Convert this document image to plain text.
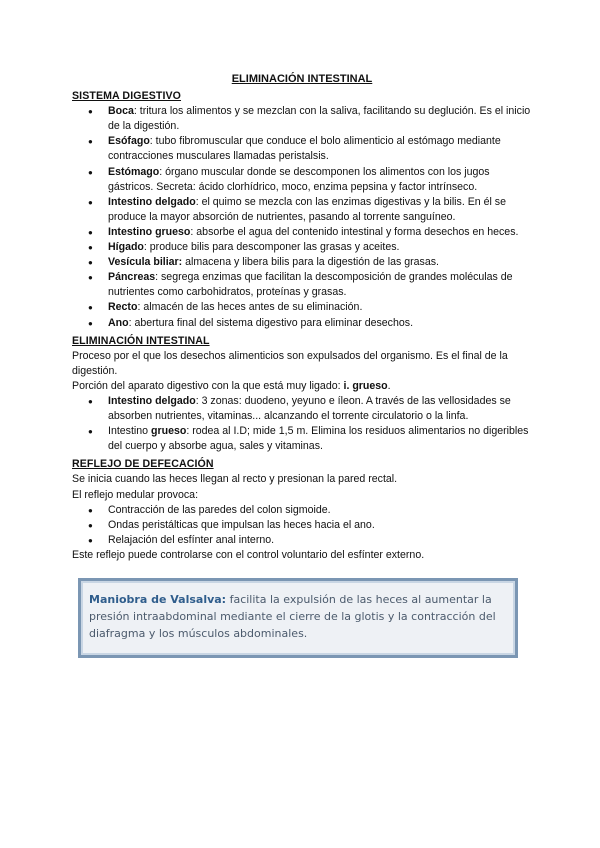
ELIMINACIÓN INTESTINAL
SISTEMA DIGESTIVO
● Boca: tritura los alimentos y se mezclan con la saliva, facilitando su deglución. Es el inicio de la digestión.
● Esófago: tubo fibromuscular que conduce el bolo alimenticio al estómago mediante contracciones musculares llamadas peristalsis.
● Estómago: órgano muscular donde se descomponen los alimentos con los jugos gástricos. Secreta: ácido clorhídrico, moco, enzima pepsina y factor intrínseco.
● Intestino delgado: el quimo se mezcla con las enzimas digestivas y la bilis. En él se produce la mayor absorción de nutrientes, pasando al torrente sanguíneo.
● Intestino grueso: absorbe el agua del contenido intestinal y forma desechos en heces.
● Hígado: produce bilis para descomponer las grasas y aceites.
● Vesícula biliar: almacena y libera bilis para la digestión de las grasas.
● Páncreas: segrega enzimas que facilitan la descomposición de grandes moléculas de nutrientes como carbohidratos, proteínas y grasas.
● Recto: almacén de las heces antes de su eliminación.
● Ano: abertura final del sistema digestivo para eliminar desechos.
ELIMINACIÓN INTESTINAL

Proceso por el que los desechos alimenticios son expulsados del organismo. Es el final de la digestión.

Porción del aparato digestivo con la que está muy ligado: i. grueso.

● Intestino delgado: 3 zonas: duodeno, yeyuno e íleon. A través de las vellosidades se absorben nutrientes, vitaminas... alcanzando el torrente circulatorio o la linfa.
● Intestino grueso: rodea al I.D; mide 1,5 m. Elimina los residuos alimentarios no digeribles del cuerpo y absorbe agua, sales y vitaminas.
REFLEJO DE DEFECACIÓN

Se inicia cuando las heces llegan al recto y presionan la pared rectal.

El reflejo medular provoca:

● Contracción de las paredes del colon sigmoide.
● Ondas peristálticas que impulsan las heces hacia el ano.
● Relajación del esfínter anal interno.

Este reflejo puede controlarse con el control voluntario del esfínter externo.

Maniobra de Valsalva: facilita la expulsión de las heces al aumentar la presión intraabdominal mediante el cierre de la glotis y la contracción del diafragma y los músculos abdominales.
